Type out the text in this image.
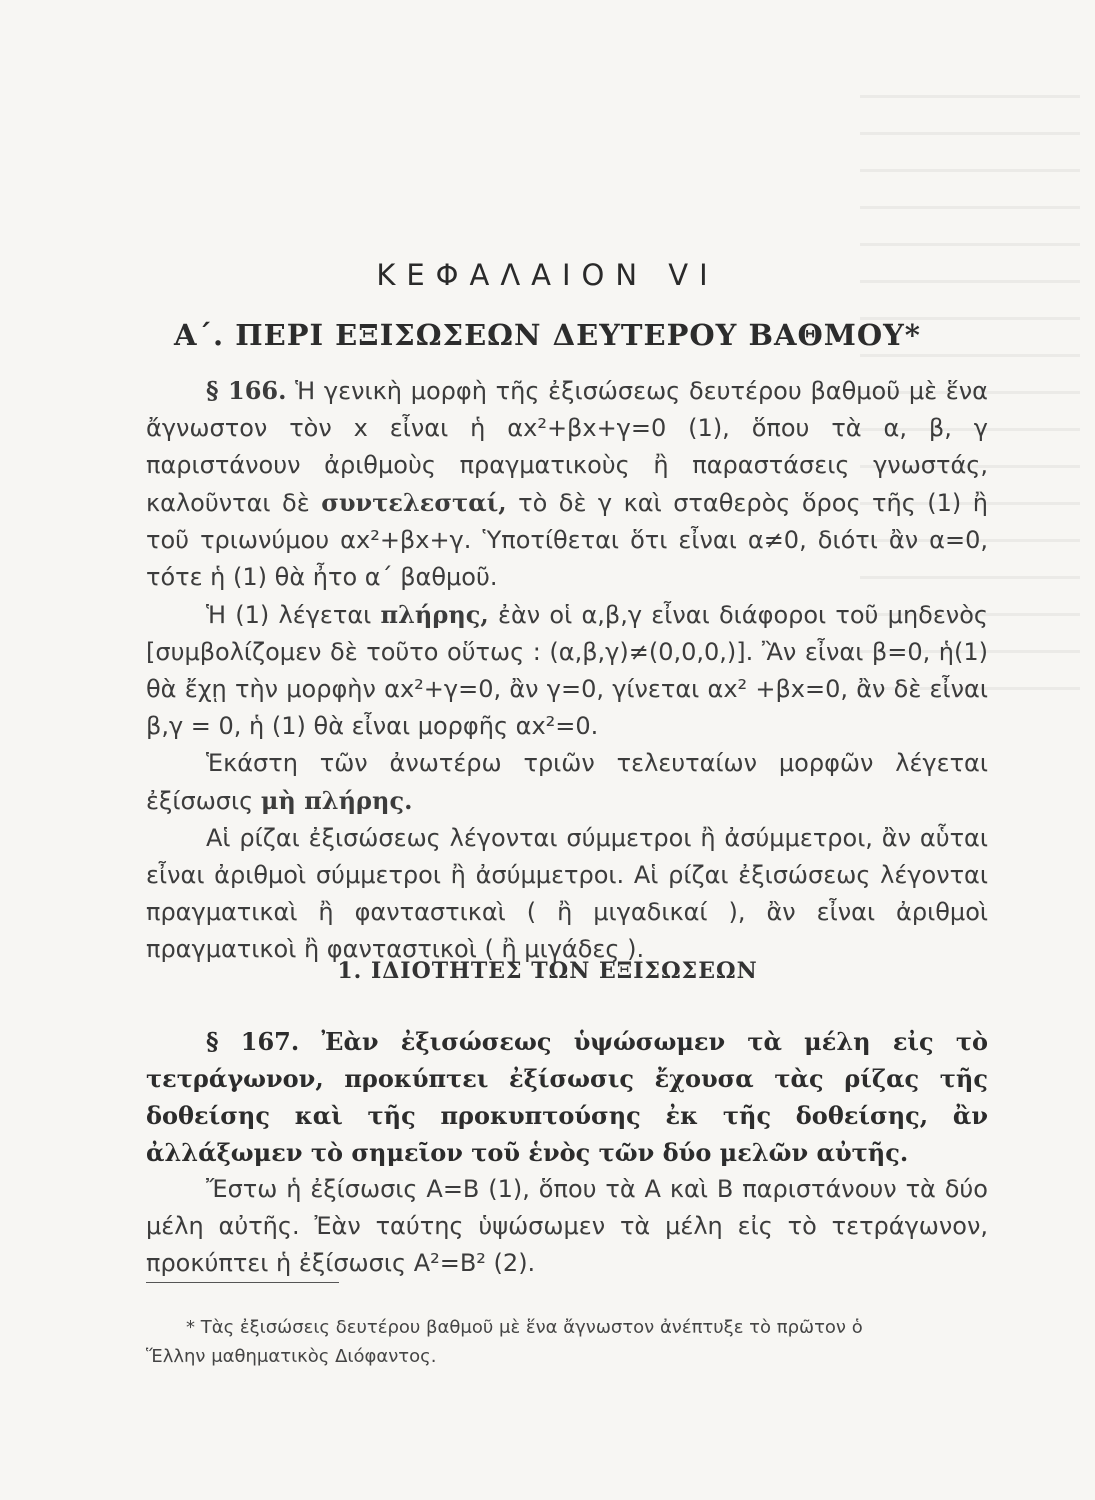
ΚΕΦΑΛΑΙΟΝ VI
Α΄. ΠΕΡΙ ΕΞΙΣΩΣΕΩΝ ΔΕΥΤΕΡΟΥ ΒΑΘΜΟΥ*

§ 166. Ἡ γενικὴ μορφὴ τῆς ἐξισώσεως δευτέρου βαθμοῦ μὲ ἕνα ἄγνωστον τὸν x εἶναι ἡ αx²+βx+γ=0 (1), ὅπου τὰ α, β, γ παριστάνουν ἀριθμοὺς πραγματικοὺς ἢ παραστάσεις γνωστάς, καλοῦνται δὲ συντελεσταί, τὸ δὲ γ καὶ σταθερὸς ὅρος τῆς (1) ἢ τοῦ τριωνύμου αx²+βx+γ. Ὑποτίθεται ὅτι εἶναι α≠0, διότι ἂν α=0, τότε ἡ (1) θὰ ἦτο α΄ βαθμοῦ.

Ἡ (1) λέγεται πλήρης, ἐὰν οἱ α,β,γ εἶναι διάφοροι τοῦ μηδενὸς [συμβολίζομεν δὲ τοῦτο οὕτως : (α,β,γ)≠(0,0,0,)]. Ἂν εἶναι β=0, ἡ(1) θὰ ἔχῃ τὴν μορφὴν αx²+γ=0, ἂν γ=0, γίνεται αx² +βx=0, ἂν δὲ εἶναι β,γ = 0, ἡ (1) θὰ εἶναι μορφῆς αx²=0.

Ἑκάστη τῶν ἀνωτέρω τριῶν τελευταίων μορφῶν λέγεται ἐξίσωσις μὴ πλήρης.

Αἱ ρίζαι ἐξισώσεως λέγονται σύμμετροι ἢ ἀσύμμετροι, ἂν αὗται εἶναι ἀριθμοὶ σύμμετροι ἢ ἀσύμμετροι. Αἱ ρίζαι ἐξισώσεως λέγονται πραγματικαὶ ἢ φανταστικαὶ ( ἢ μιγαδικαί ), ἂν εἶναι ἀριθμοὶ πραγματικοὶ ἢ φανταστικοὶ ( ἢ μιγάδες ).

1. ΙΔΙΟΤΗΤΕΣ ΤΩΝ ΕΞΙΣΩΣΕΩΝ

§ 167. Ἐὰν ἐξισώσεως ὑψώσωμεν τὰ μέλη εἰς τὸ τετράγωνον, προκύπτει ἐξίσωσις ἔχουσα τὰς ρίζας τῆς δοθείσης καὶ τῆς προκυπτούσης ἐκ τῆς δοθείσης, ἂν ἀλλάξωμεν τὸ σημεῖον τοῦ ἑνὸς τῶν δύο μελῶν αὐτῆς.

Ἔστω ἡ ἐξίσωσις A=B (1), ὅπου τὰ A καὶ B παριστάνουν τὰ δύο μέλη αὐτῆς. Ἐὰν ταύτης ὑψώσωμεν τὰ μέλη εἰς τὸ τετράγωνον, προκύπτει ἡ ἐξίσωσις A²=B² (2).

* Τὰς ἐξισώσεις δευτέρου βαθμοῦ μὲ ἕνα ἄγνωστον ἀνέπτυξε τὸ πρῶτον ὁ

Ἕλλην μαθηματικὸς Διόφαντος.
